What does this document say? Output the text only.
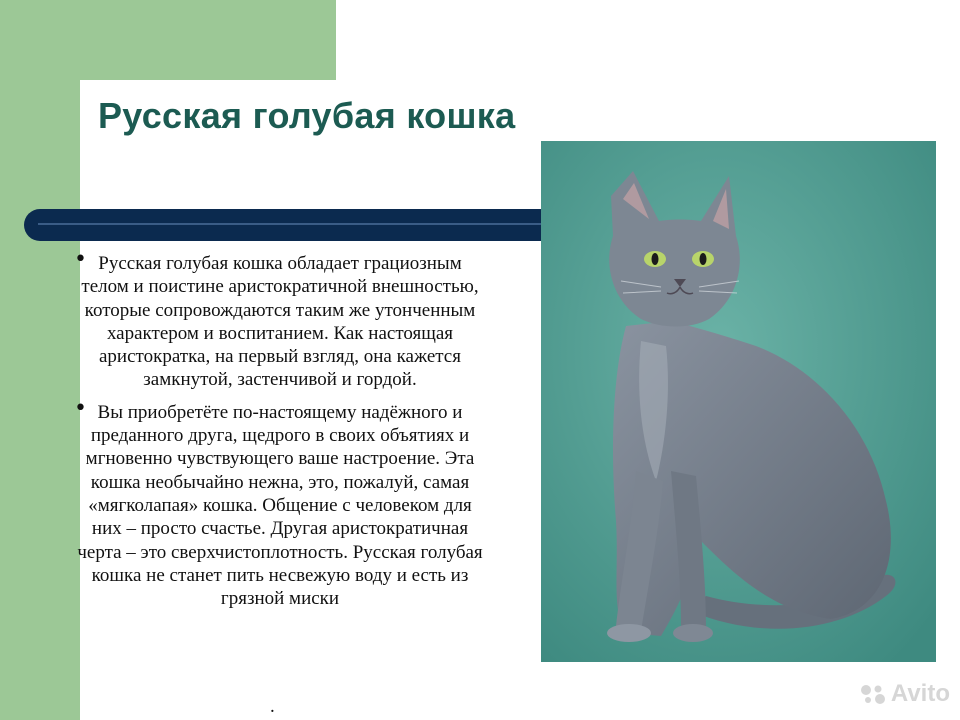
Русская голубая кошка
• Русская голубая кошка обладает грациозным телом и поистине аристократичной внешностью, которые сопровождаются таким же утонченным характером и воспитанием. Как настоящая аристократка, на первый взгляд, она кажется замкнутой, застенчивой и гордой.
• Вы приобретёте по-настоящему надёжного и преданного друга, щедрого в своих объятиях и мгновенно чувствующего ваше настроение. Эта кошка необычайно нежна, это, пожалуй, самая «мягколапая» кошка. Общение с человеком для них – просто счастье. Другая аристократичная черта – это сверхчистоплотность. Русская голубая кошка не станет пить несвежую воду и есть из грязной миски
.	Avito
